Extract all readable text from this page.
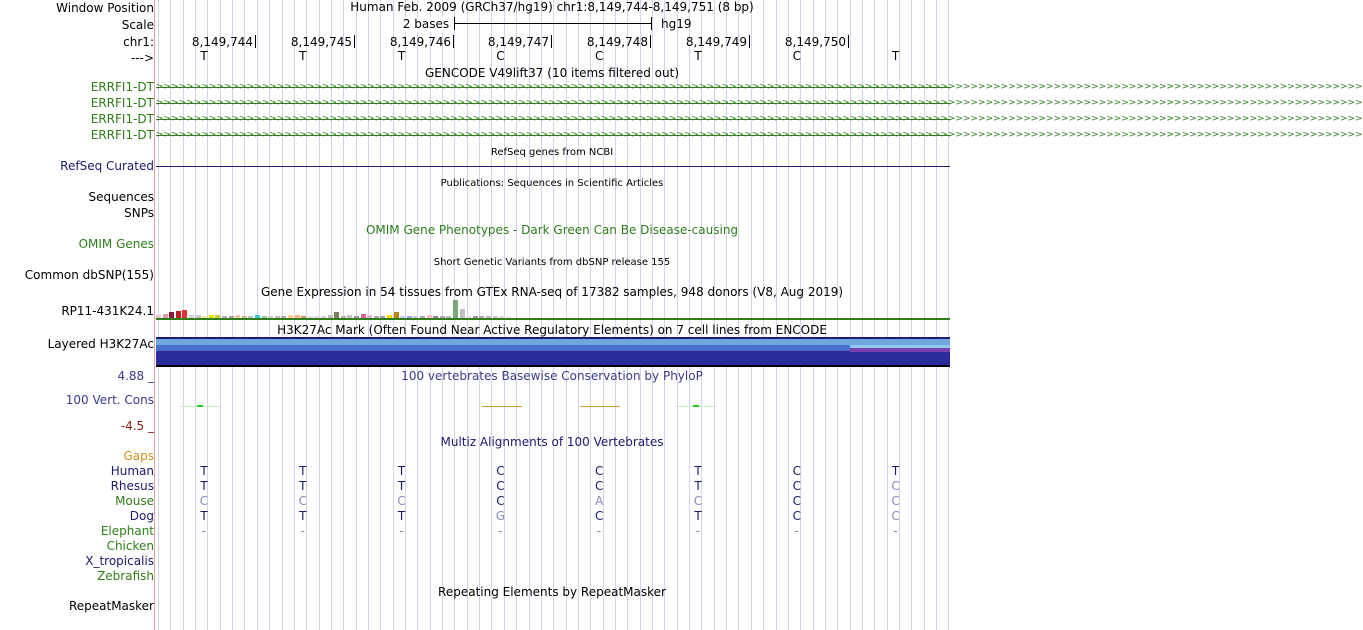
Window Position
Scale
chr1:
--->
Human Feb. 2009 (GRCh37/hg19) chr1:8,149,744-8,149,751 (8 bp)
2 bases	hg19
8,149,744	8,149,745	8,149,746	8,149,747	8,149,748	8,149,749	8,149,750
T	T	T	C	C	T	C	T
GENCODE V49lift37 (10 items filtered out)
ERRFI1-DT >>>>>>>>>>>>>>>>>>>>>>>>>>>>>>>>>>>>>>>>>>>>>>>>>>>>>>>>>>>>>>>>>>>>>>>>>>>>>>>>>>>>>>>>>>>>>>>>>>>>>>>>>>>>>>>>>>>>>>>>>>>>>>>>>>>>>>>>>>>>>>>>>>>>>>>>>>>>>>>>
ERRFI1-DT >>>>>>>>>>>>>>>>>>>>>>>>>>>>>>>>>>>>>>>>>>>>>>>>>>>>>>>>>>>>>>>>>>>>>>>>>>>>>>>>>>>>>>>>>>>>>>>>>>>>>>>>>>>>>>>>>>>>>>>>>>>>>>>>>>>>>>>>>>>>>>>>>>>>>>>>>>>>>>>>
ERRFI1-DT >>>>>>>>>>>>>>>>>>>>>>>>>>>>>>>>>>>>>>>>>>>>>>>>>>>>>>>>>>>>>>>>>>>>>>>>>>>>>>>>>>>>>>>>>>>>>>>>>>>>>>>>>>>>>>>>>>>>>>>>>>>>>>>>>>>>>>>>>>>>>>>>>>>>>>>>>>>>>>>>
ERRFI1-DT >>>>>>>>>>>>>>>>>>>>>>>>>>>>>>>>>>>>>>>>>>>>>>>>>>>>>>>>>>>>>>>>>>>>>>>>>>>>>>>>>>>>>>>>>>>>>>>>>>>>>>>>>>>>>>>>>>>>>>>>>>>>>>>>>>>>>>>>>>>>>>>>>>>>>>>>>>>>>>>>
RefSeq genes from NCBI
RefSeq Curated
Publications: Sequences in Scientific Articles
Sequences
SNPs
OMIM Gene Phenotypes - Dark Green Can Be Disease-causing
OMIM Genes
Short Genetic Variants from dbSNP release 155
Common dbSNP(155)
Gene Expression in 54 tissues from GTEx RNA-seq of 17382 samples, 948 donors (V8, Aug 2019)
RP11-431K24.1
H3K27Ac Mark (Often Found Near Active Regulatory Elements) on 7 cell lines from ENCODE
Layered H3K27Ac
100 vertebrates Basewise Conservation by PhyloP
4.88 _
100 Vert. Cons
-4.5 _
Multiz Alignments of 100 Vertebrates
Gaps
Human	T	T	T	C	C	T	C	T
Rhesus	T	T	T	C	C	T	C	C
Mouse	C	C	C	C	A	C	C	C
Dog	T	T	T	G	C	T	C	C
Elephant	-	-	-	-	-	-	-	-
Chicken
X_tropicalis
Zebrafish
Repeating Elements by RepeatMasker
RepeatMasker
